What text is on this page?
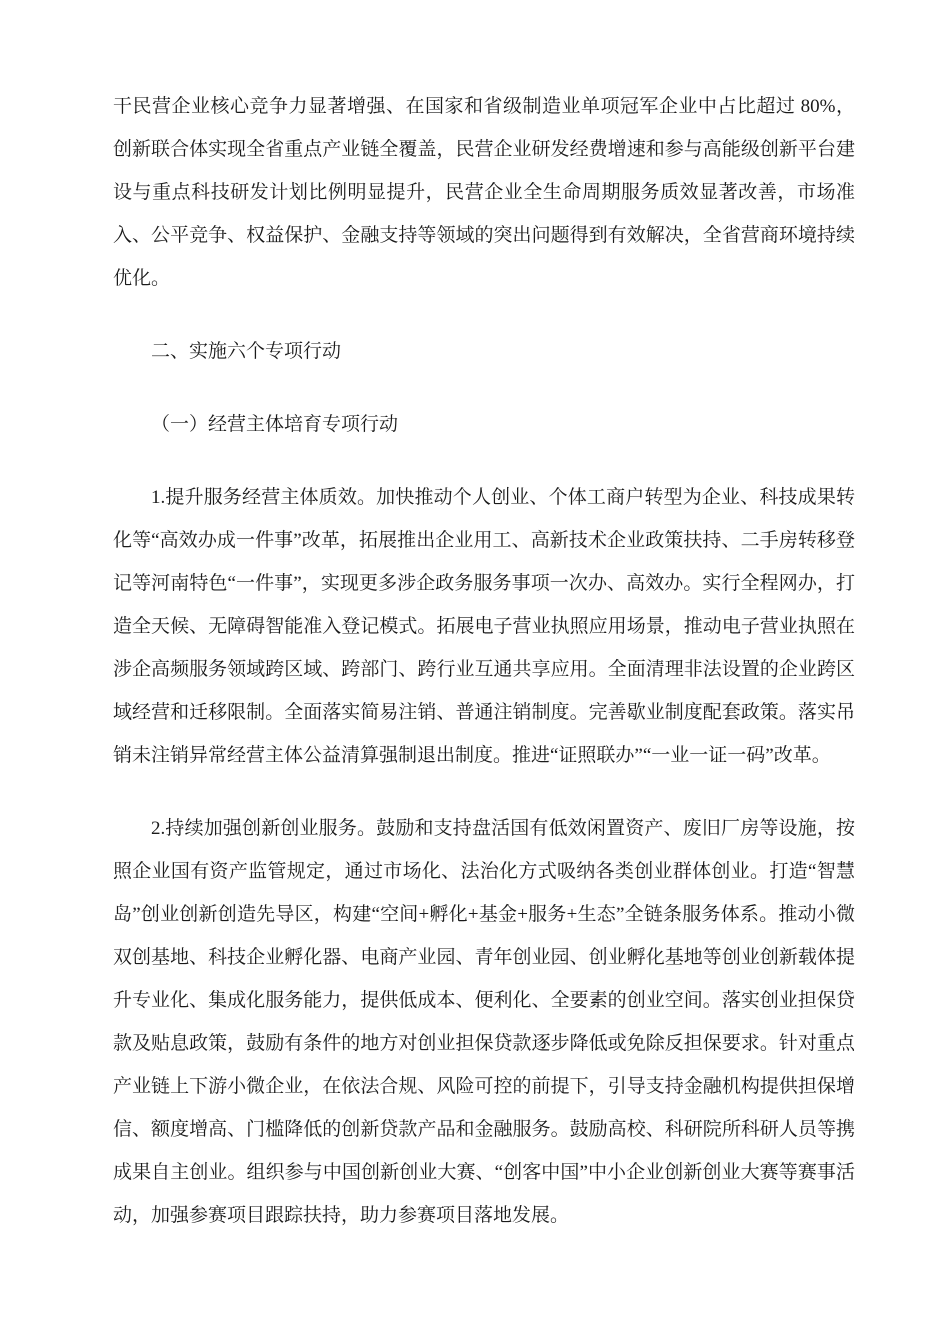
干民营企业核心竞争力显著增强、在国家和省级制造业单项冠军企业中占比超过 80%，创新联合体实现全省重点产业链全覆盖，民营企业研发经费增速和参与高能级创新平台建设与重点科技研发计划比例明显提升，民营企业全生命周期服务质效显著改善，市场准入、公平竞争、权益保护、金融支持等领域的突出问题得到有效解决，全省营商环境持续优化。

二、实施六个专项行动
（一）经营主体培育专项行动

1.提升服务经营主体质效。加快推动个人创业、个体工商户转型为企业、科技成果转化等“高效办成一件事”改革，拓展推出企业用工、高新技术企业政策扶持、二手房转移登记等河南特色“一件事”，实现更多涉企政务服务事项一次办、高效办。实行全程网办，打造全天候、无障碍智能准入登记模式。拓展电子营业执照应用场景，推动电子营业执照在涉企高频服务领域跨区域、跨部门、跨行业互通共享应用。全面清理非法设置的企业跨区域经营和迁移限制。全面落实简易注销、普通注销制度。完善歇业制度配套政策。落实吊销未注销异常经营主体公益清算强制退出制度。推进“证照联办”“一业一证一码”改革。

2.持续加强创新创业服务。鼓励和支持盘活国有低效闲置资产、废旧厂房等设施，按照企业国有资产监管规定，通过市场化、法治化方式吸纳各类创业群体创业。打造“智慧岛”创业创新创造先导区，构建“空间+孵化+基金+服务+生态”全链条服务体系。推动小微双创基地、科技企业孵化器、电商产业园、青年创业园、创业孵化基地等创业创新载体提升专业化、集成化服务能力，提供低成本、便利化、全要素的创业空间。落实创业担保贷款及贴息政策，鼓励有条件的地方对创业担保贷款逐步降低或免除反担保要求。针对重点产业链上下游小微企业，在依法合规、风险可控的前提下，引导支持金融机构提供担保增信、额度增高、门槛降低的创新贷款产品和金融服务。鼓励高校、科研院所科研人员等携成果自主创业。组织参与中国创新创业大赛、“创客中国”中小企业创新创业大赛等赛事活动，加强参赛项目跟踪扶持，助力参赛项目落地发展。
